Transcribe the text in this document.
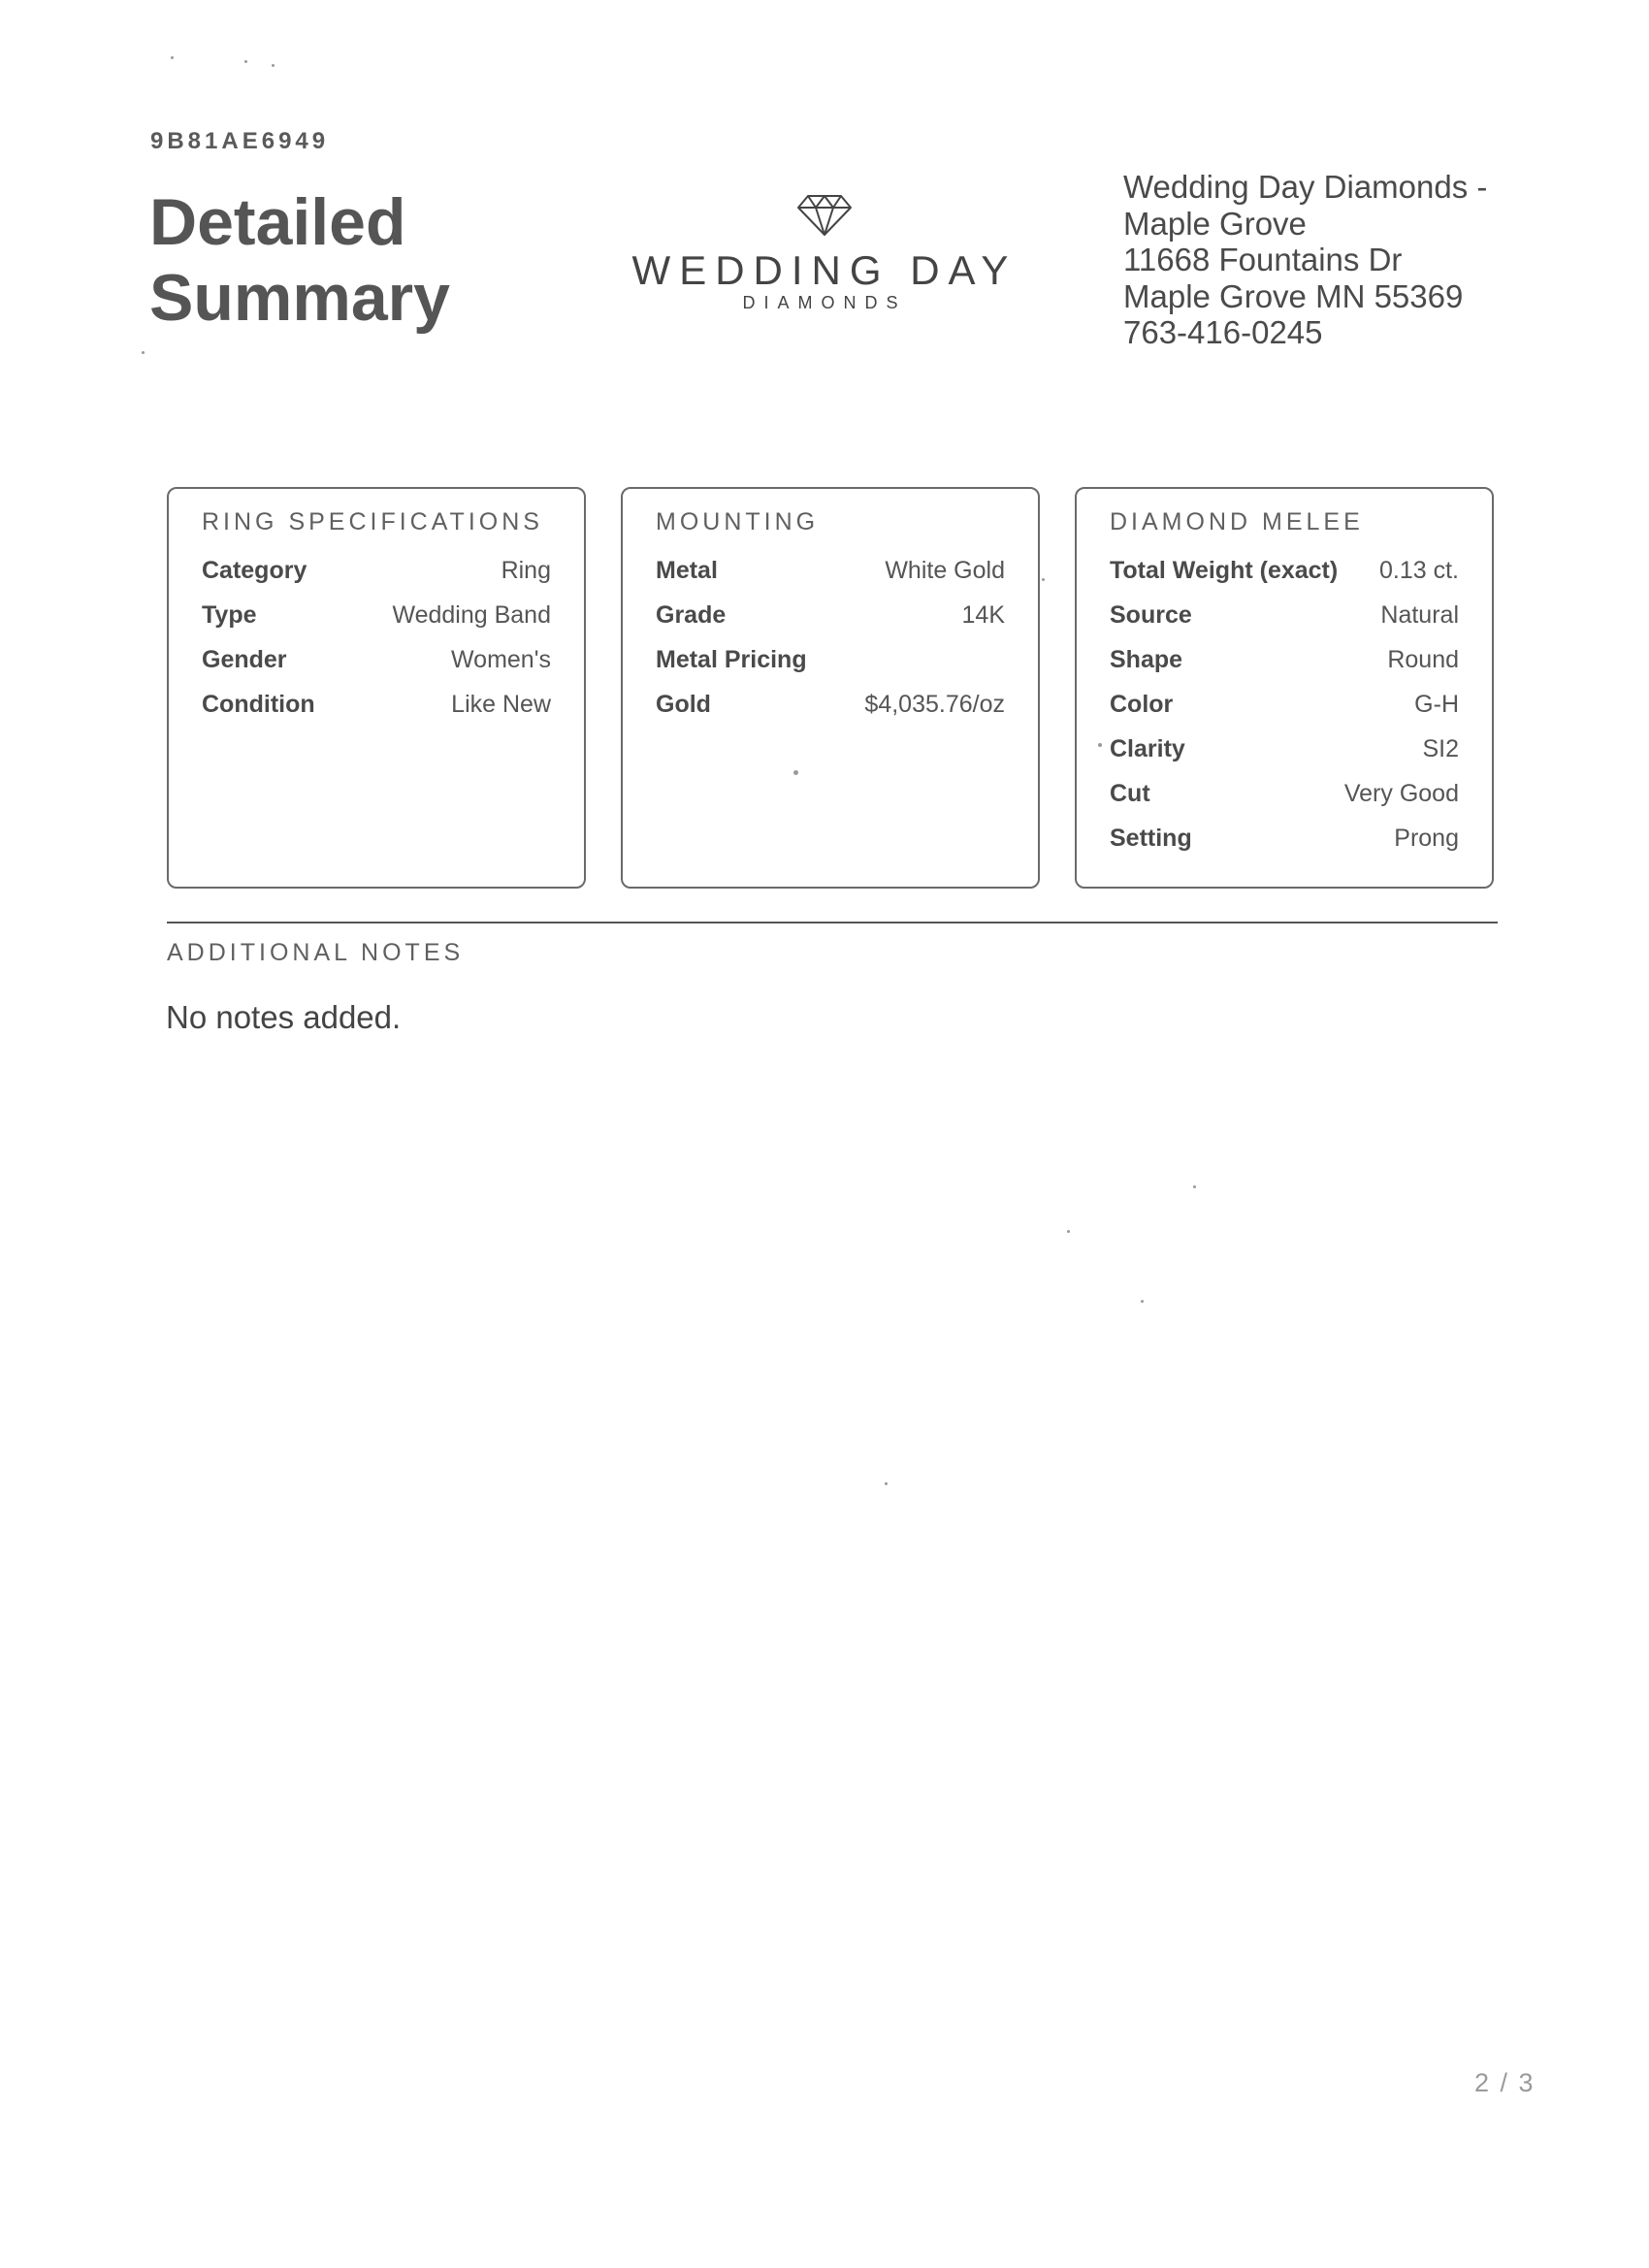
9B81AE6949
Detailed
Summary	WEDDING DAY
DIAMONDS
Wedding Day Diamonds -
Maple Grove
11668 Fountains Dr
Maple Grove MN 55369
763-416-0245
RING SPECIFICATIONS
Category	Ring
Type	Wedding Band
Gender	Women's
Condition	Like New
MOUNTING
Metal	White Gold
Grade	14K
Metal Pricing
Gold	$4,035.76/oz
DIAMOND MELEE
Total Weight (exact) 0.13 ct.
Source	Natural
Shape	Round
Color	G-H
Clarity	SI2
Cut	Very Good
Setting	Prong
ADDITIONAL NOTES
No notes added.
2 / 3
